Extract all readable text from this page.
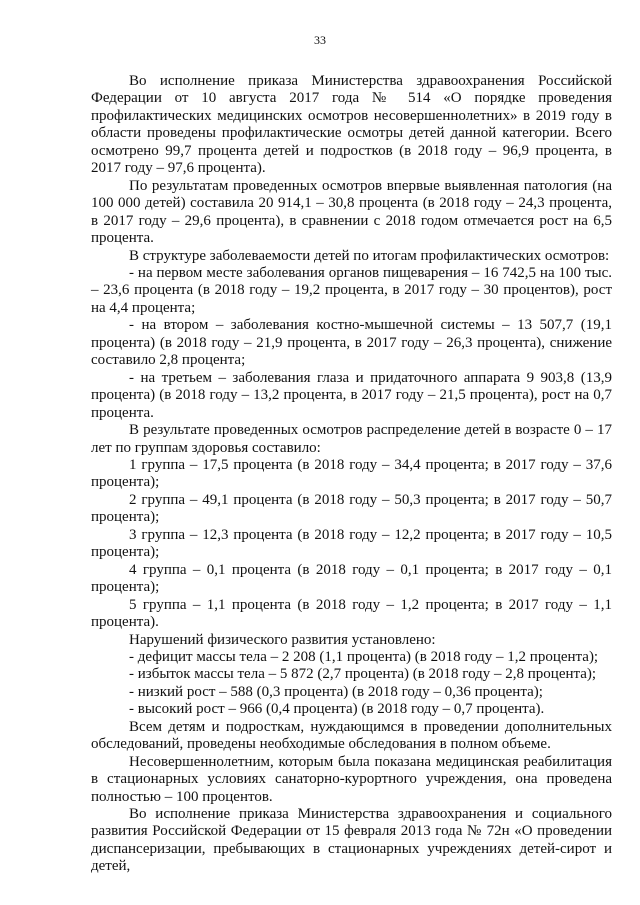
33

Во исполнение приказа Министерства здравоохранения Российской Федерации от 10 августа 2017 года № 514 «О порядке проведения профилактических медицинских осмотров несовершеннолетних» в 2019 году в области проведены профилактические осмотры детей данной категории. Всего осмотрено 99,7 процента детей и подростков (в 2018 году – 96,9 процента, в 2017 году – 97,6 процента).

По результатам проведенных осмотров впервые выявленная патология (на 100 000 детей) составила 20 914,1 – 30,8 процента (в 2018 году – 24,3 процента, в 2017 году – 29,6 процента), в сравнении с 2018 годом отмечается рост на 6,5 процента.

В структуре заболеваемости детей по итогам профилактических осмотров:

- на первом месте заболевания органов пищеварения – 16 742,5 на 100 тыс. – 23,6 процента (в 2018 году – 19,2 процента, в 2017 году – 30 процентов), рост на 4,4 процента;

- на втором – заболевания костно-мышечной системы – 13 507,7 (19,1 процента) (в 2018 году – 21,9 процента, в 2017 году – 26,3 процента), снижение составило 2,8 процента;

- на третьем – заболевания глаза и придаточного аппарата 9 903,8 (13,9 процента) (в 2018 году – 13,2 процента, в 2017 году – 21,5 процента), рост на 0,7 процента.

В результате проведенных осмотров распределение детей в возрасте 0 – 17 лет по группам здоровья составило:

1 группа – 17,5 процента (в 2018 году – 34,4 процента; в 2017 году – 37,6 процента);

2 группа – 49,1 процента (в 2018 году – 50,3 процента; в 2017 году – 50,7 процента);

3 группа – 12,3 процента (в 2018 году – 12,2 процента; в 2017 году – 10,5 процента);

4 группа – 0,1 процента (в 2018 году – 0,1 процента; в 2017 году – 0,1 процента);

5 группа – 1,1 процента (в 2018 году – 1,2 процента; в 2017 году – 1,1 процента).

Нарушений физического развития установлено:

- дефицит массы тела – 2 208 (1,1 процента) (в 2018 году – 1,2 процента);

- избыток массы тела – 5 872 (2,7 процента) (в 2018 году – 2,8 процента);

- низкий рост – 588 (0,3 процента) (в 2018 году – 0,36 процента);

- высокий рост – 966 (0,4 процента) (в 2018 году – 0,7 процента).

Всем детям и подросткам, нуждающимся в проведении дополнительных обследований, проведены необходимые обследования в полном объеме.

Несовершеннолетним, которым была показана медицинская реабилитация в стационарных условиях санаторно-курортного учреждения, она проведена полностью – 100 процентов.

Во исполнение приказа Министерства здравоохранения и социального развития Российской Федерации от 15 февраля 2013 года № 72н «О проведении диспансеризации, пребывающих в стационарных учреждениях детей-сирот и детей,
